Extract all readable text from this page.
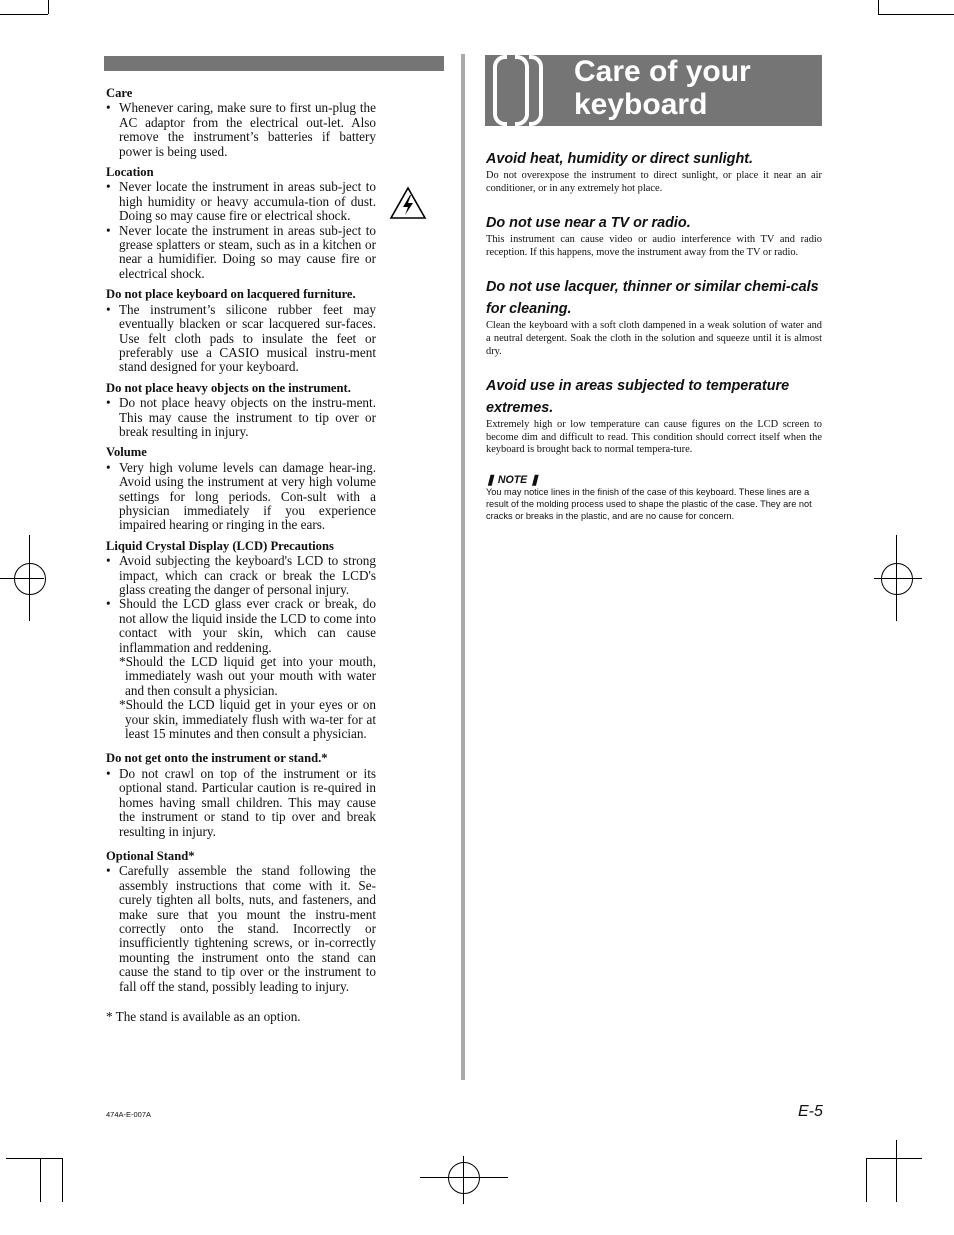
Care of your
keyboard
Care
• Whenever caring, make sure to first un-plug the AC adaptor from the electrical out-let. Also remove the instrument’s batteries if battery power is being used.
Location
• Never locate the instrument in areas sub-ject to high humidity or heavy accumula-tion of dust. Doing so may cause fire or electrical shock.
• Never locate the instrument in areas sub-ject to grease splatters or steam, such as in a kitchen or near a humidifier. Doing so may cause fire or electrical shock.
Do not place keyboard on lacquered furniture.
• The instrument’s silicone rubber feet may eventually blacken or scar lacquered sur-faces. Use felt cloth pads to insulate the feet or preferably use a CASIO musical instru-ment stand designed for your keyboard.
Do not place heavy objects on the instrument.
• Do not place heavy objects on the instru-ment. This may cause the instrument to tip over or break resulting in injury.
Volume
• Very high volume levels can damage hear-ing. Avoid using the instrument at very high volume settings for long periods. Con-sult with a physician immediately if you experience impaired hearing or ringing in the ears.
Liquid Crystal Display (LCD) Precautions
• Avoid subjecting the keyboard's LCD to strong impact, which can crack or break the LCD's glass creating the danger of personal injury.
• Should the LCD glass ever crack or break, do not allow the liquid inside the LCD to come into contact with your skin, which can cause inflammation and reddening.
*Should the LCD liquid get into your mouth, immediately wash out your mouth with water and then consult a physician.
*Should the LCD liquid get in your eyes or on your skin, immediately flush with wa-ter for at least 15 minutes and then consult a physician.
Do not get onto the instrument or stand.*
• Do not crawl on top of the instrument or its optional stand. Particular caution is re-quired in homes having small children. This may cause the instrument or stand to tip over and break resulting in injury.
Optional Stand*
• Carefully assemble the stand following the assembly instructions that come with it. Se-curely tighten all bolts, nuts, and fasteners, and make sure that you mount the instru-ment correctly onto the stand. Incorrectly or insufficiently tightening screws, or in-correctly mounting the instrument onto the stand can cause the stand to tip over or the instrument to fall off the stand, possibly leading to injury.
* The stand is available as an option.
Avoid heat, humidity or direct sunlight.

Do not overexpose the instrument to direct sunlight, or place it near an air conditioner, or in any extremely hot place.

Do not use near a TV or radio.

This instrument can cause video or audio interference with TV and radio reception. If this happens, move the instrument away from the TV or radio.

Do not use lacquer, thinner or similar chemi-cals for cleaning.

Clean the keyboard with a soft cloth dampened in a weak solution of water and a neutral detergent. Soak the cloth in the solution and squeeze until it is almost dry.

Avoid use in areas subjected to temperature extremes.

Extremely high or low temperature can cause figures on the LCD screen to become dim and difficult to read. This condition should correct itself when the keyboard is brought back to normal tempera-ture.

❚ NOTE ❚
You may notice lines in the finish of the case of this keyboard. These lines are a result of the molding process used to shape the plastic of the case. They are not cracks or breaks in the plastic, and are no cause for concern.
474A-E-007A	E-5
